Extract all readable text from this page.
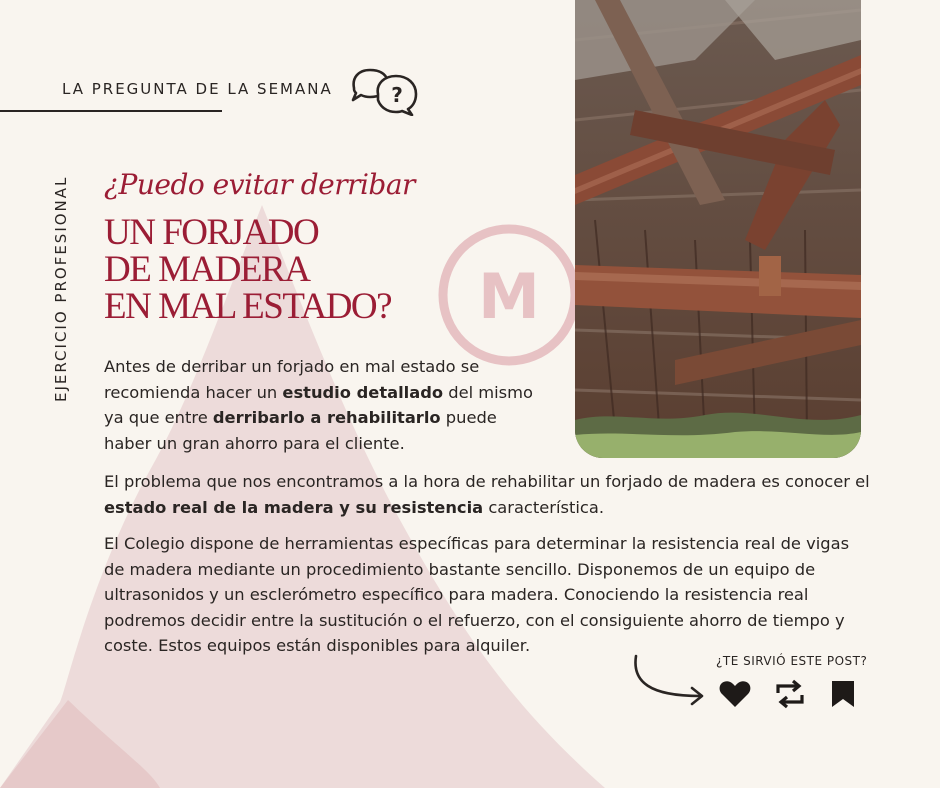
M
LA PREGUNTA DE LA SEMANA	?
EJERCICIO PROFESIONAL ¿Puedo evitar derribar
UN FORJADO
DE MADERA
EN MAL ESTADO?

Antes de derribar un forjado en mal estado se recomienda hacer un estudio detallado del mismo ya que entre derribarlo a rehabilitarlo puede haber un gran ahorro para el cliente.

El problema que nos encontramos a la hora de rehabilitar un forjado de madera es conocer el estado real de la madera y su resistencia característica.

El Colegio dispone de herramientas específicas para determinar la resistencia real de vigas de madera mediante un procedimiento bastante sencillo. Disponemos de un equipo de ultrasonidos y un esclerómetro específico para madera. Conociendo la resistencia real podremos decidir entre la sustitución o el refuerzo, con el consiguiente ahorro de tiempo y coste. Estos equipos están disponibles para alquiler.

¿TE SIRVIÓ ESTE POST?
